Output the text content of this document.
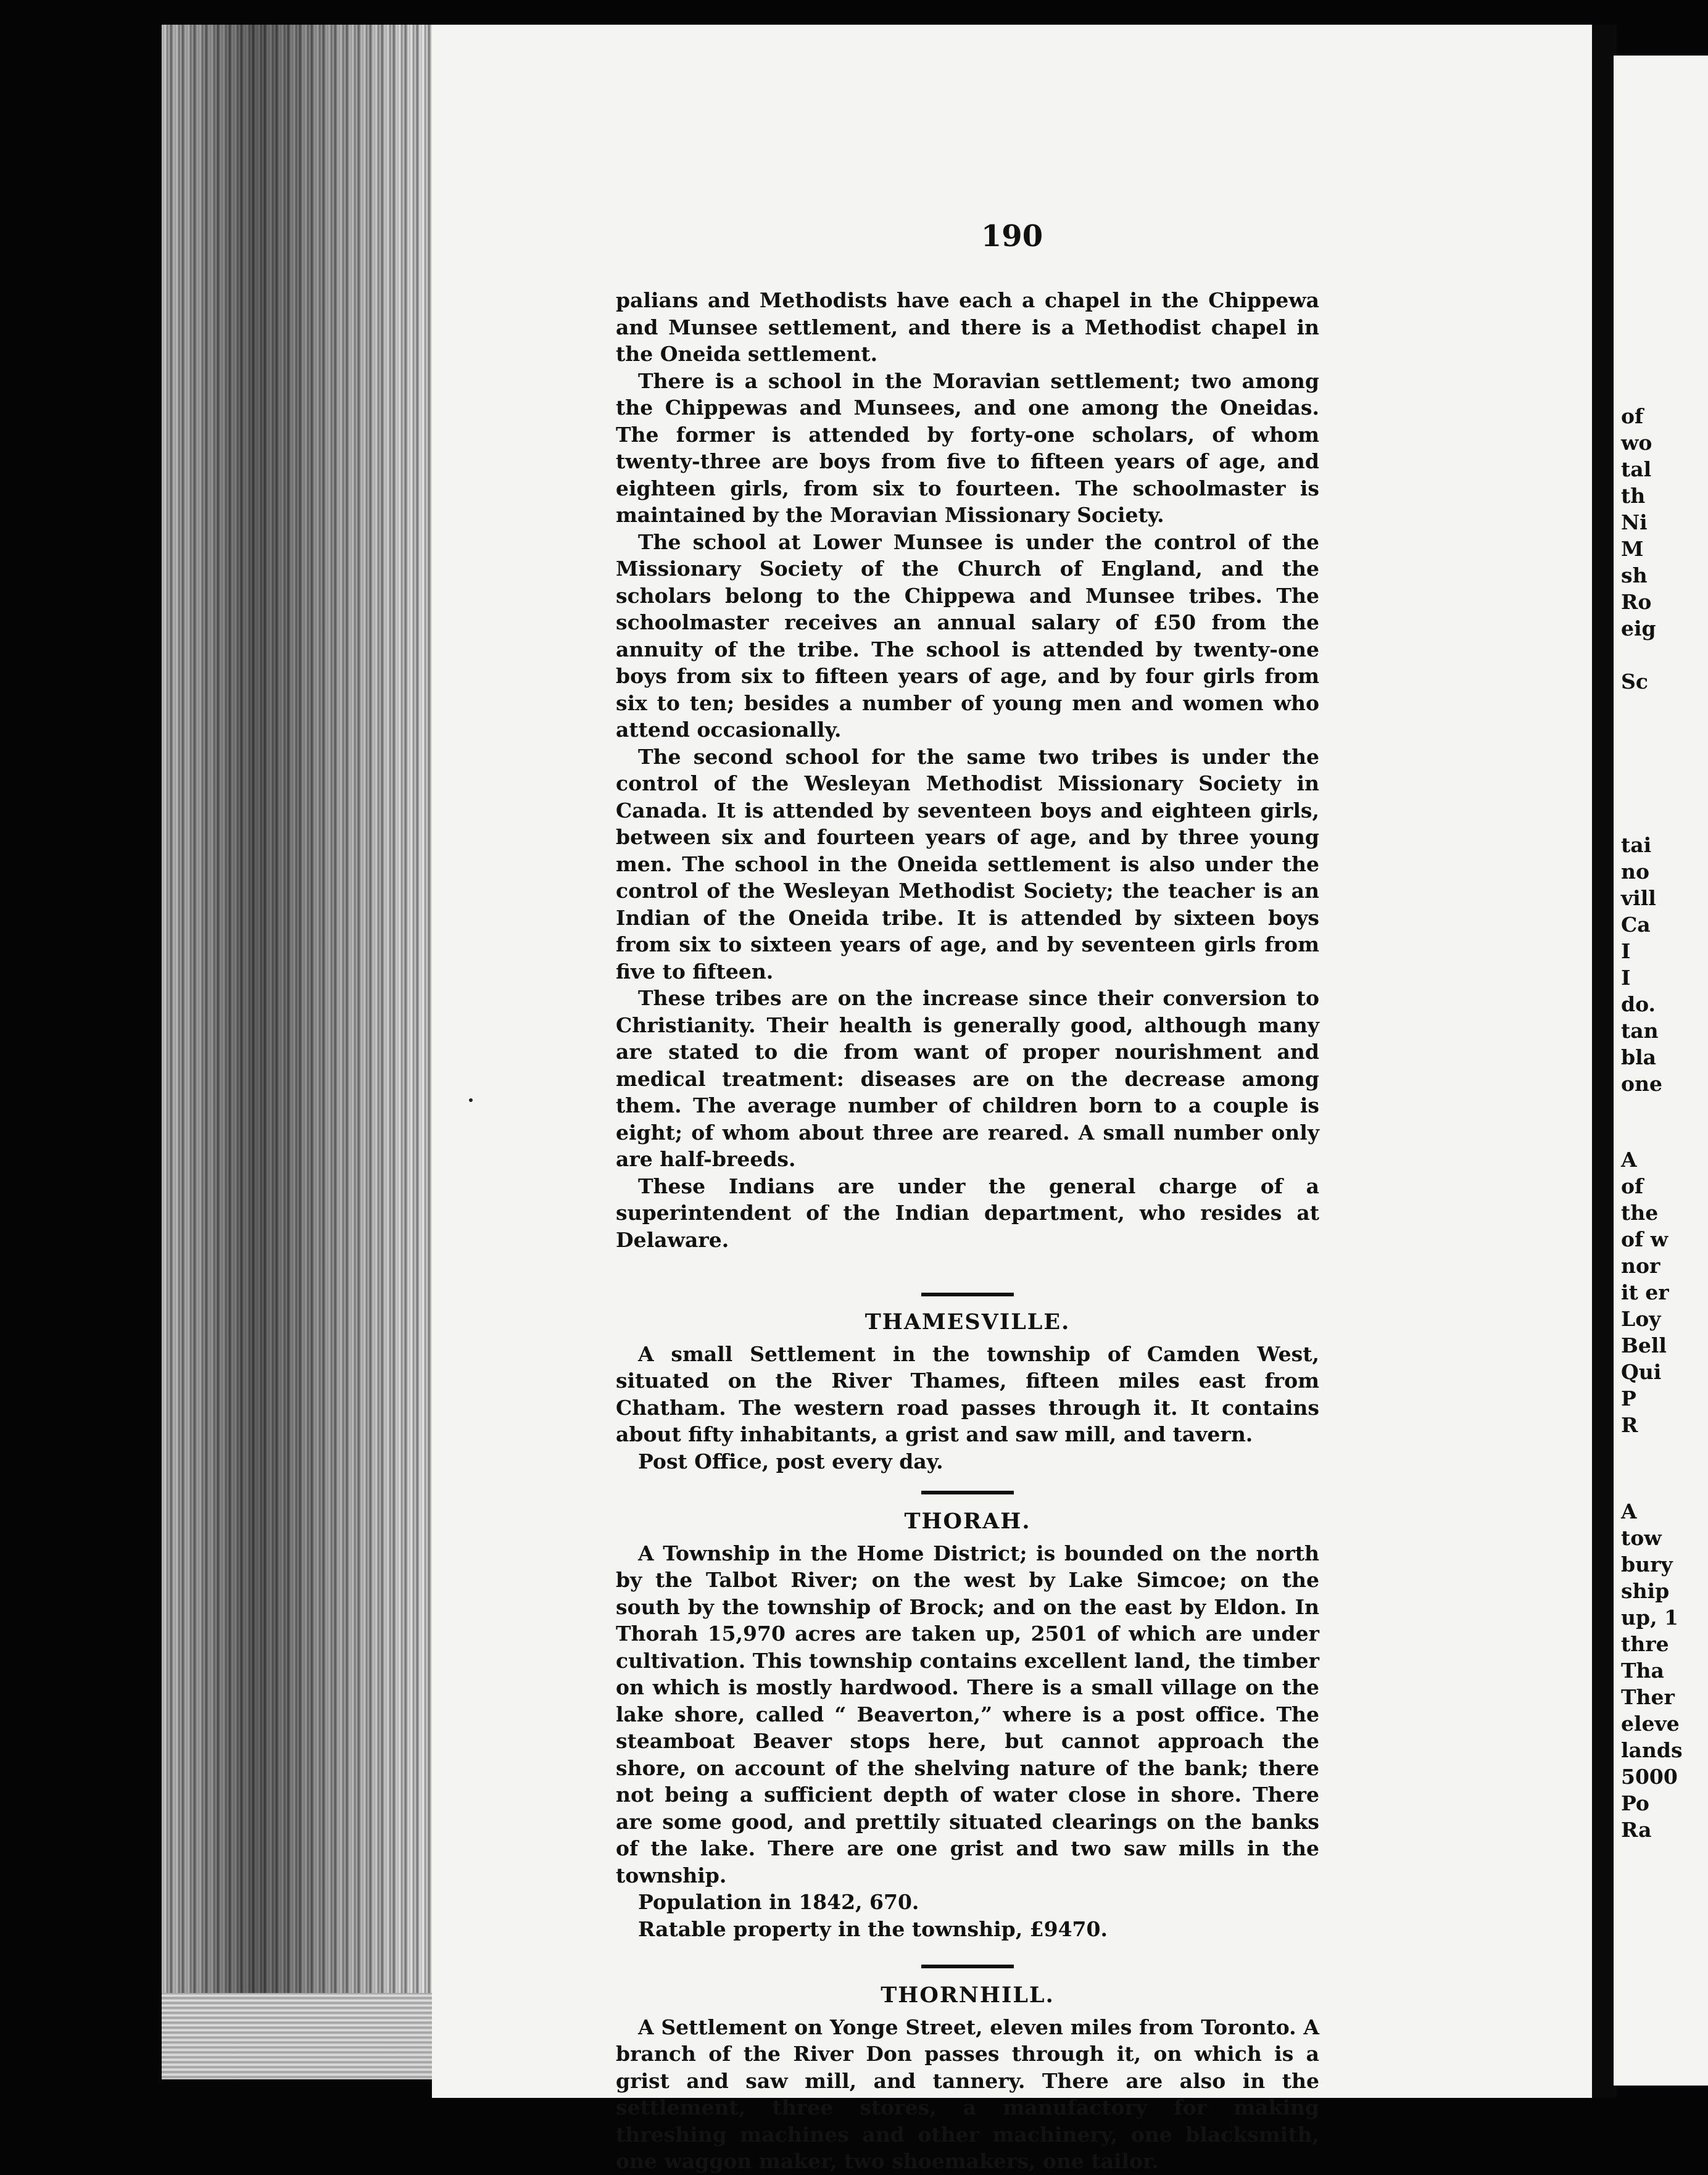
190

palians and Methodists have each a chapel in the Chippewa and Munsee settlement, and there is a Methodist chapel in the Oneida settlement.

There is a school in the Moravian settlement; two among the Chippewas and Munsees, and one among the Oneidas. The former is attended by forty-one scholars, of whom twenty-three are boys from five to fifteen years of age, and eighteen girls, from six to fourteen. The schoolmaster is maintained by the Moravian Missionary Society.

The school at Lower Munsee is under the control of the Missionary Society of the Church of England, and the scholars belong to the Chippewa and Munsee tribes. The schoolmaster receives an annual salary of £50 from the annuity of the tribe. The school is attended by twenty-one boys from six to fifteen years of age, and by four girls from six to ten; besides a number of young men and women who attend occasionally.

The second school for the same two tribes is under the control of the Wesleyan Methodist Missionary Society in Canada. It is attended by seventeen boys and eighteen girls, between six and fourteen years of age, and by three young men. The school in the Oneida settlement is also under the control of the Wesleyan Methodist Society; the teacher is an Indian of the Oneida tribe. It is attended by sixteen boys from six to sixteen years of age, and by seventeen girls from five to fifteen.

These tribes are on the increase since their conversion to Christianity. Their health is generally good, although many are stated to die from want of proper nourishment and medical treatment: diseases are on the decrease among them. The average number of children born to a couple is eight; of whom about three are reared. A small number only are half-breeds.

These Indians are under the general charge of a superintendent of the Indian department, who resides at Delaware.

THAMESVILLE.

A small Settlement in the township of Camden West, situated on the River Thames, fifteen miles east from Chatham. The western road passes through it. It contains about fifty inhabitants, a grist and saw mill, and tavern.

Post Office, post every day.

THORAH.

A Township in the Home District; is bounded on the north by the Talbot River; on the west by Lake Simcoe; on the south by the township of Brock; and on the east by Eldon. In Thorah 15,970 acres are taken up, 2501 of which are under cultivation. This township contains excellent land, the timber on which is mostly hardwood. There is a small village on the lake shore, called “ Beaverton,” where is a post office. The steamboat Beaver stops here, but cannot approach the shore, on account of the shelving nature of the bank; there not being a sufficient depth of water close in shore. There are some good, and prettily situated clearings on the banks of the lake. There are one grist and two saw mills in the township.

Population in 1842, 670.

Ratable property in the township, £9470.

THORNHILL.

A Settlement on Yonge Street, eleven miles from Toronto. A branch of the River Don passes through it, on which is a grist and saw mill, and tannery. There are also in the settlement, three stores, a manufactory for making threshing machines and other machinery, one blacksmith, one waggon maker, two shoemakers, one tailor.

of
wo
tal
th
Ni
M
sh
Ro
eig
Sc
tai
no
vill
Ca
I
I
do.
tan
bla
one
A
of
the
of w
nor
it er
Loy
Bell
Qui
P
R
A
tow
bury
ship
up, 1
thre
Tha
Ther
eleve
lands
5000
Po
Ra
